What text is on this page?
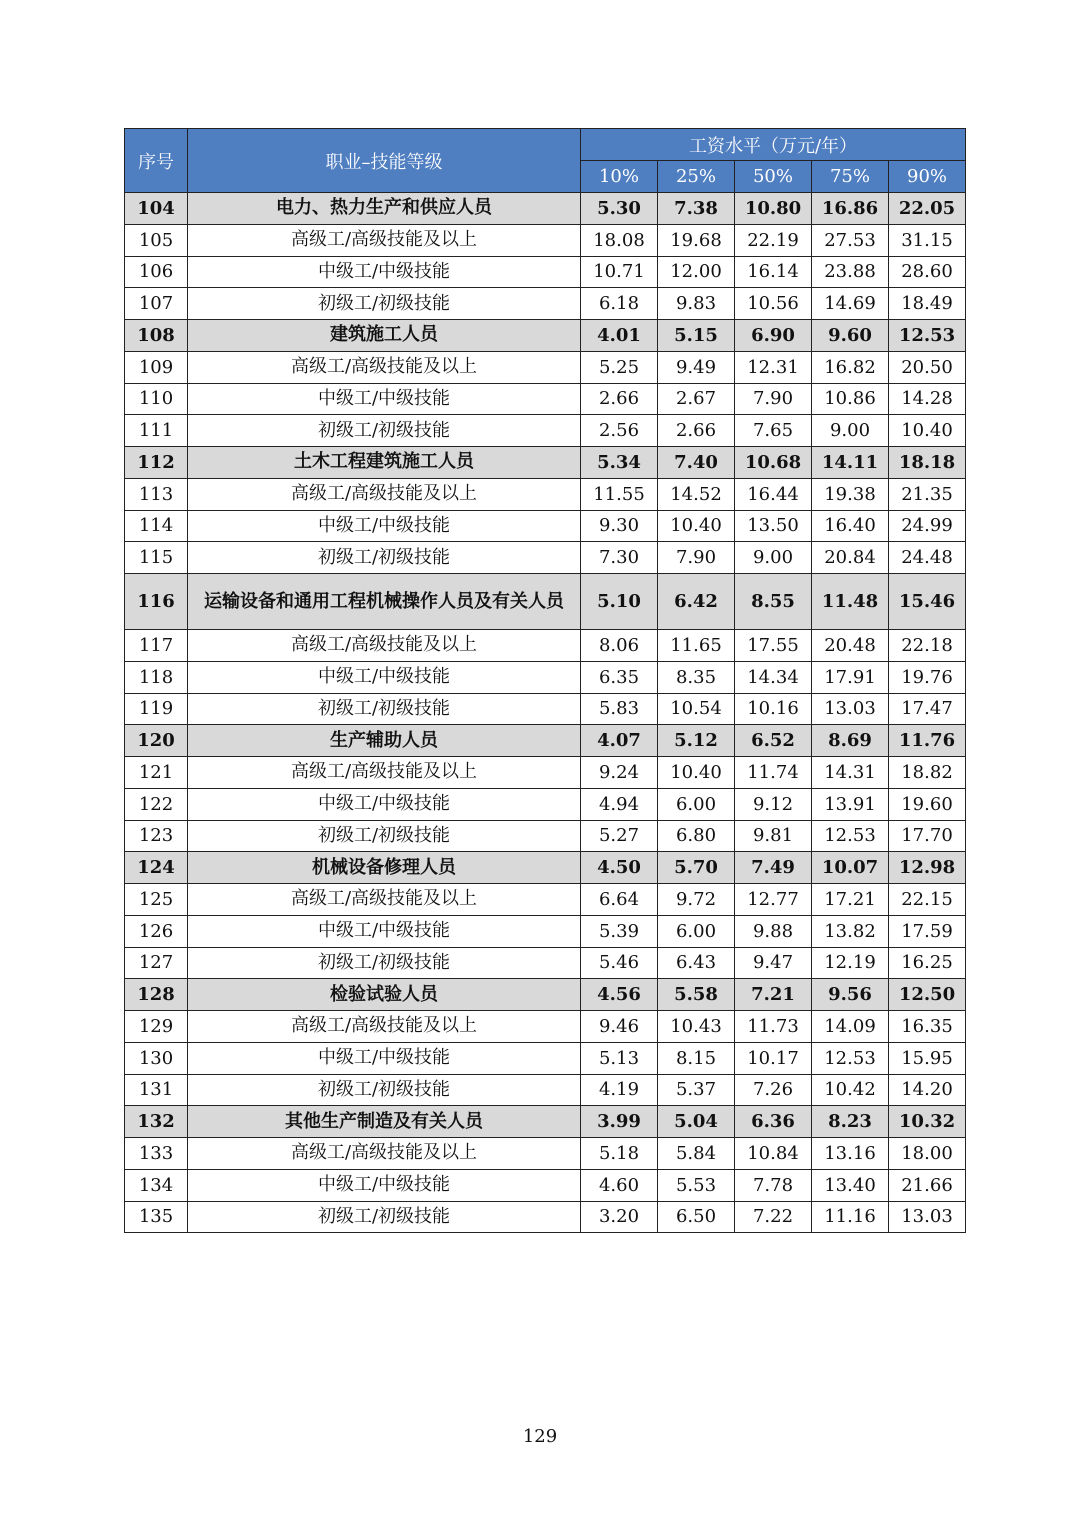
序号	职业–技能等级	工资水平（万元/年）				
		10%	25%	50%	75%	90%
104	电力、热力生产和供应人员	5.30	7.38	10.80	16.86	22.05
105	高级工/高级技能及以上	18.08	19.68	22.19	27.53	31.15
106	中级工/中级技能	10.71	12.00	16.14	23.88	28.60
107	初级工/初级技能	6.18	9.83	10.56	14.69	18.49
108	建筑施工人员	4.01	5.15	6.90	9.60	12.53
109	高级工/高级技能及以上	5.25	9.49	12.31	16.82	20.50
110	中级工/中级技能	2.66	2.67	7.90	10.86	14.28
111	初级工/初级技能	2.56	2.66	7.65	9.00	10.40
112	土木工程建筑施工人员	5.34	7.40	10.68	14.11	18.18
113	高级工/高级技能及以上	11.55	14.52	16.44	19.38	21.35
114	中级工/中级技能	9.30	10.40	13.50	16.40	24.99
115	初级工/初级技能	7.30	7.90	9.00	20.84	24.48
116	运输设备和通用工程机械操作人员及有关人员	5.10	6.42	8.55	11.48	15.46
117	高级工/高级技能及以上	8.06	11.65	17.55	20.48	22.18
118	中级工/中级技能	6.35	8.35	14.34	17.91	19.76
119	初级工/初级技能	5.83	10.54	10.16	13.03	17.47
120	生产辅助人员	4.07	5.12	6.52	8.69	11.76
121	高级工/高级技能及以上	9.24	10.40	11.74	14.31	18.82
122	中级工/中级技能	4.94	6.00	9.12	13.91	19.60
123	初级工/初级技能	5.27	6.80	9.81	12.53	17.70
124	机械设备修理人员	4.50	5.70	7.49	10.07	12.98
125	高级工/高级技能及以上	6.64	9.72	12.77	17.21	22.15
126	中级工/中级技能	5.39	6.00	9.88	13.82	17.59
127	初级工/初级技能	5.46	6.43	9.47	12.19	16.25
128	检验试验人员	4.56	5.58	7.21	9.56	12.50
129	高级工/高级技能及以上	9.46	10.43	11.73	14.09	16.35
130	中级工/中级技能	5.13	8.15	10.17	12.53	15.95
131	初级工/初级技能	4.19	5.37	7.26	10.42	14.20
132	其他生产制造及有关人员	3.99	5.04	6.36	8.23	10.32
133	高级工/高级技能及以上	5.18	5.84	10.84	13.16	18.00
134	中级工/中级技能	4.60	5.53	7.78	13.40	21.66
135	初级工/初级技能	3.20	6.50	7.22	11.16	13.03
129
